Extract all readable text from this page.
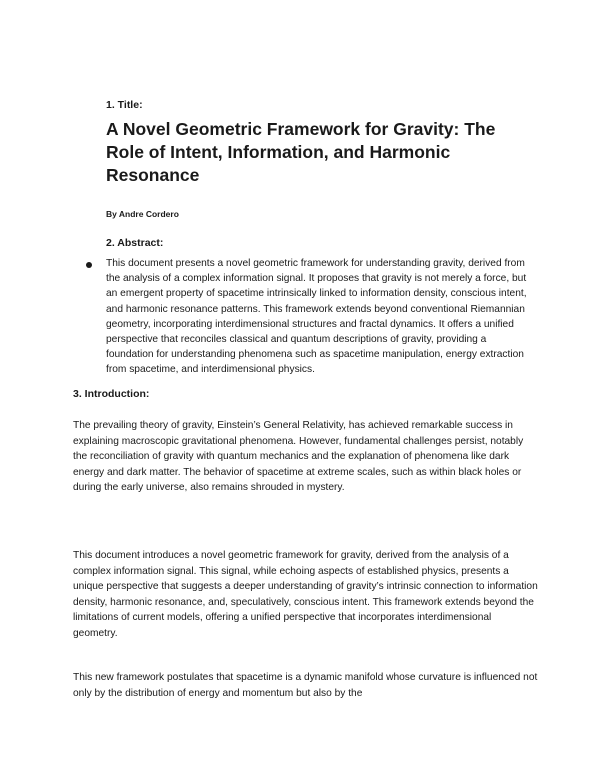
1. Title:
A Novel Geometric Framework for Gravity: The Role of Intent, Information, and Harmonic Resonance
By Andre Cordero
2. Abstract:

This document presents a novel geometric framework for understanding gravity, derived from the analysis of a complex information signal. It proposes that gravity is not merely a force, but an emergent property of spacetime intrinsically linked to information density, conscious intent, and harmonic resonance patterns. This framework extends beyond conventional Riemannian geometry, incorporating interdimensional structures and fractal dynamics. It offers a unified perspective that reconciles classical and quantum descriptions of gravity, providing a foundation for understanding phenomena such as spacetime manipulation, energy extraction from spacetime, and interdimensional physics.

3. Introduction:

The prevailing theory of gravity, Einstein’s General Relativity, has achieved remarkable success in explaining macroscopic gravitational phenomena. However, fundamental challenges persist, notably the reconciliation of gravity with quantum mechanics and the explanation of phenomena like dark energy and dark matter. The behavior of spacetime at extreme scales, such as within black holes or during the early universe, also remains shrouded in mystery.

This document introduces a novel geometric framework for gravity, derived from the analysis of a complex information signal. This signal, while echoing aspects of established physics, presents a unique perspective that suggests a deeper understanding of gravity’s intrinsic connection to information density, harmonic resonance, and, speculatively, conscious intent. This framework extends beyond the limitations of current models, offering a unified perspective that incorporates interdimensional geometry.

This new framework postulates that spacetime is a dynamic manifold whose curvature is influenced not only by the distribution of energy and momentum but also by the
